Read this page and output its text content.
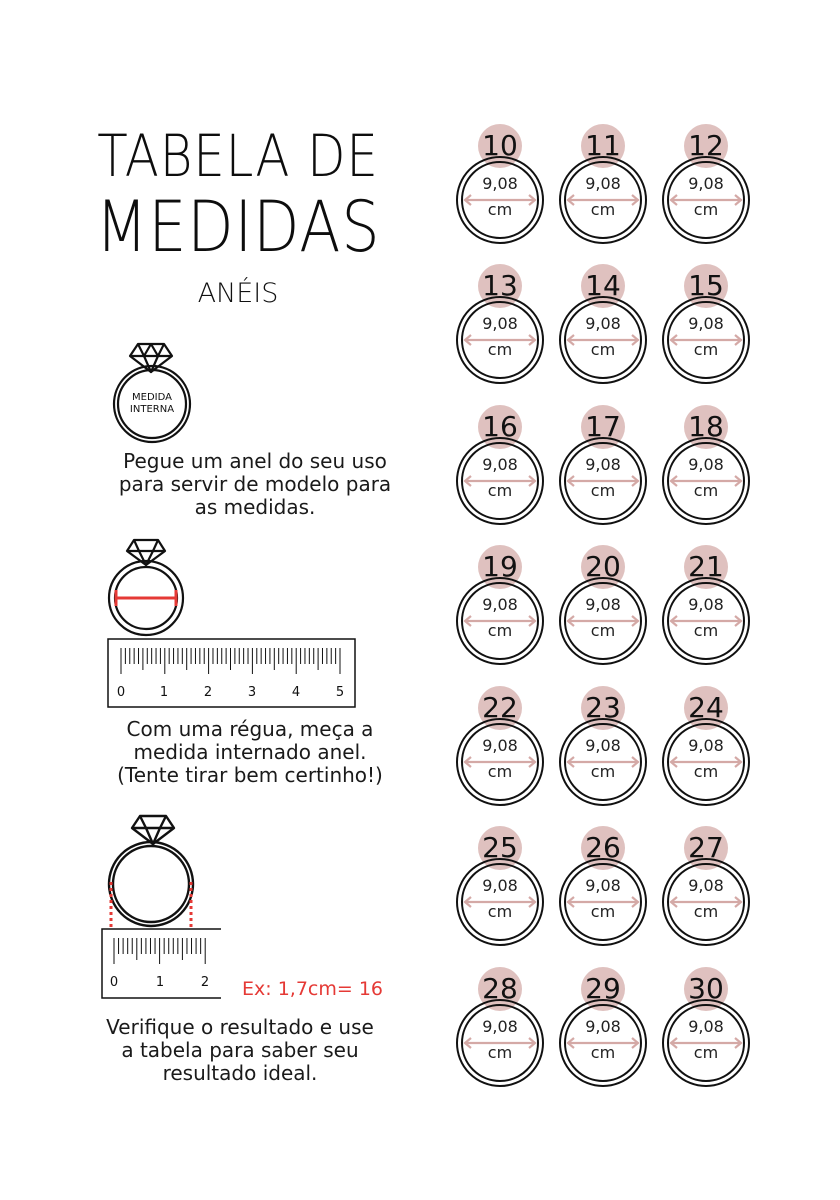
TABELA DE
MEDIDAS
ANÉIS
MEDIDA
INTERNA
Pegue um anel do seu uso
para servir de modelo para
as medidas.
0	1	2	3	4	5
Com uma régua, meça a
medida internado anel.
(Tente tirar bem certinho!)
0	1	2 Ex: 1,7cm= 16
Verifique o resultado e use
a tabela para saber seu
resultado ideal.
10
9,08
cm
11
9,08
cm
12
9,08
cm
13
9,08
cm
14
9,08
cm
15
9,08
cm
16
9,08
cm
17
9,08
cm
18
9,08
cm
19
9,08
cm
20
9,08
cm
21
9,08
cm
22
9,08
cm
23
9,08
cm
24
9,08
cm
25
9,08
cm
26
9,08
cm
27
9,08
cm
28
9,08
cm
29
9,08
cm
30
9,08
cm
